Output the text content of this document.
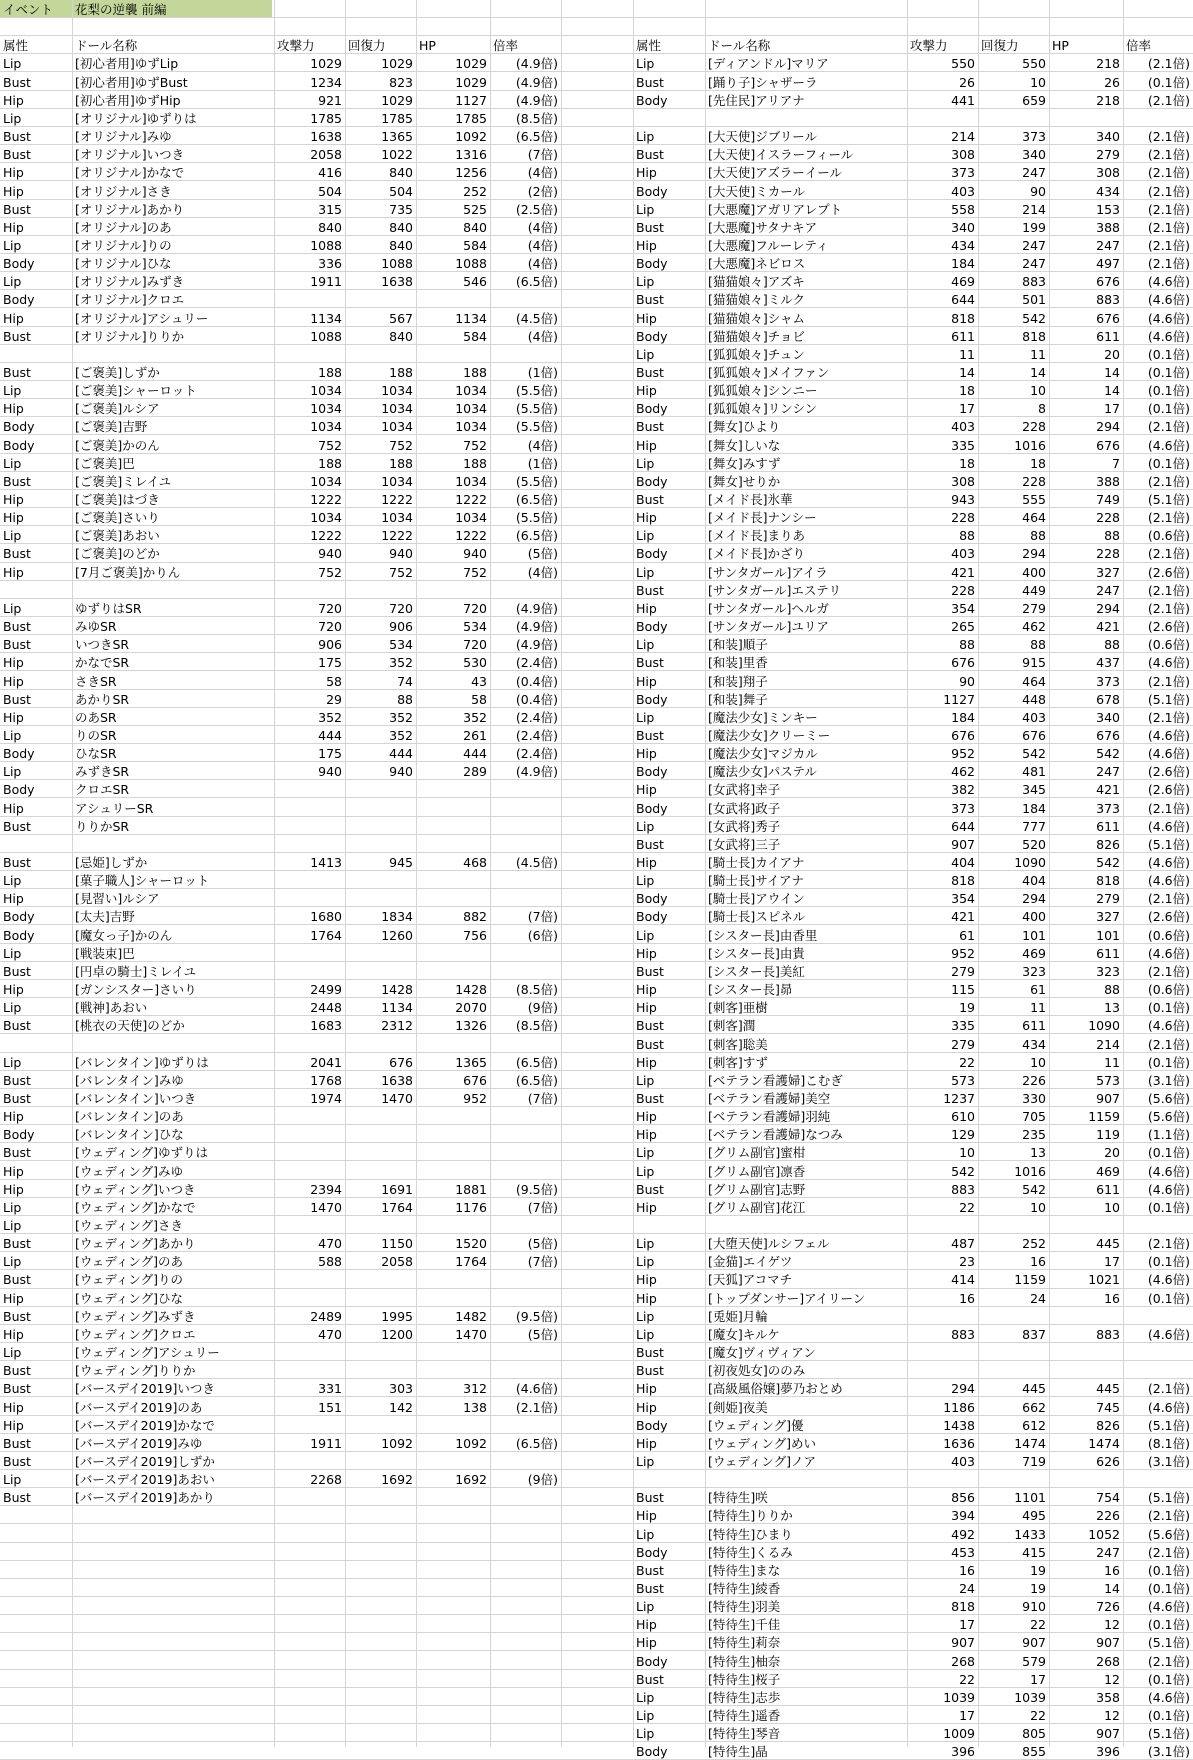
イベント	花梨の逆襲 前編
属性	ドール名称	攻撃力	回復力	HP	倍率
Lip	[初心者用]ゆずLip	1029	1029	1029	(4.9倍)
Bust	[初心者用]ゆずBust	1234	823	1029	(4.9倍)
Hip	[初心者用]ゆずHip	921	1029	1127	(4.9倍)
Lip	[オリジナル]ゆずりは	1785	1785	1785	(8.5倍)
Bust	[オリジナル]みゆ	1638	1365	1092	(6.5倍)
Bust	[オリジナル]いつき	2058	1022	1316	(7倍)
Hip	[オリジナル]かなで	416	840	1256	(4倍)
Hip	[オリジナル]さき	504	504	252	(2倍)
Bust	[オリジナル]あかり	315	735	525	(2.5倍)
Hip	[オリジナル]のあ	840	840	840	(4倍)
Lip	[オリジナル]りの	1088	840	584	(4倍)
Body	[オリジナル]ひな	336	1088	1088	(4倍)
Lip	[オリジナル]みずき	1911	1638	546	(6.5倍)
Body	[オリジナル]クロエ
Hip	[オリジナル]アシュリー	1134	567	1134	(4.5倍)
Bust	[オリジナル]りりか	1088	840	584	(4倍)
Bust	[ご褒美]しずか	188	188	188	(1倍)
Lip	[ご褒美]シャーロット	1034	1034	1034	(5.5倍)
Hip	[ご褒美]ルシア	1034	1034	1034	(5.5倍)
Body	[ご褒美]吉野	1034	1034	1034	(5.5倍)
Body	[ご褒美]かのん	752	752	752	(4倍)
Lip	[ご褒美]巴	188	188	188	(1倍)
Bust	[ご褒美]ミレイユ	1034	1034	1034	(5.5倍)
Hip	[ご褒美]はづき	1222	1222	1222	(6.5倍)
Hip	[ご褒美]さいり	1034	1034	1034	(5.5倍)
Lip	[ご褒美]あおい	1222	1222	1222	(6.5倍)
Bust	[ご褒美]のどか	940	940	940	(5倍)
Hip	[7月ご褒美]かりん	752	752	752	(4倍)
Lip	ゆずりはSR	720	720	720	(4.9倍)
Bust	みゆSR	720	906	534	(4.9倍)
Bust	いつきSR	906	534	720	(4.9倍)
Hip	かなでSR	175	352	530	(2.4倍)
Hip	さきSR	58	74	43	(0.4倍)
Bust	あかりSR	29	88	58	(0.4倍)
Hip	のあSR	352	352	352	(2.4倍)
Lip	りのSR	444	352	261	(2.4倍)
Body	ひなSR	175	444	444	(2.4倍)
Lip	みずきSR	940	940	289	(4.9倍)
Body	クロエSR
Hip	アシュリーSR
Bust	りりかSR
Bust	[忌姫]しずか	1413	945	468	(4.5倍)
Lip	[菓子職人]シャーロット
Hip	[見習い]ルシア
Body	[太夫]吉野	1680	1834	882	(7倍)
Body	[魔女っ子]かのん	1764	1260	756	(6倍)
Lip	[戦装束]巴
Bust	[円卓の騎士]ミレイユ
Hip	[ガンシスター]さいり	2499	1428	1428	(8.5倍)
Lip	[戦神]あおい	2448	1134	2070	(9倍)
Bust	[桃衣の天使]のどか	1683	2312	1326	(8.5倍)
Lip	[バレンタイン]ゆずりは	2041	676	1365	(6.5倍)
Bust	[バレンタイン]みゆ	1768	1638	676	(6.5倍)
Bust	[バレンタイン]いつき	1974	1470	952	(7倍)
Hip	[バレンタイン]のあ
Body	[バレンタイン]ひな
Bust	[ウェディング]ゆずりは
Hip	[ウェディング]みゆ
Hip	[ウェディング]いつき	2394	1691	1881	(9.5倍)
Lip	[ウェディング]かなで	1470	1764	1176	(7倍)
Lip	[ウェディング]さき
Bust	[ウェディング]あかり	470	1150	1520	(5倍)
Lip	[ウェディング]のあ	588	2058	1764	(7倍)
Bust	[ウェディング]りの
Hip	[ウェディング]ひな
Bust	[ウェディング]みずき	2489	1995	1482	(9.5倍)
Hip	[ウェディング]クロエ	470	1200	1470	(5倍)
Lip	[ウェディング]アシュリー
Bust	[ウェディング]りりか
Bust	[バースデイ2019]いつき	331	303	312	(4.6倍)
Hip	[バースデイ2019]のあ	151	142	138	(2.1倍)
Hip	[バースデイ2019]かなで
Bust	[バースデイ2019]みゆ	1911	1092	1092	(6.5倍)
Bust	[バースデイ2019]しずか
Lip	[バースデイ2019]あおい	2268	1692	1692	(9倍)
Bust	[バースデイ2019]あかり
属性	ドール名称	攻撃力	回復力	HP	倍率
Lip	[ディアンドル]マリア	550	550	218	(2.1倍)
Bust	[踊り子]シャザーラ	26	10	26	(0.1倍)
Body	[先住民]アリアナ	441	659	218	(2.1倍)
Lip	[大天使]ジブリール	214	373	340	(2.1倍)
Bust	[大天使]イスラーフィール	308	340	279	(2.1倍)
Hip	[大天使]アズラーイール	373	247	308	(2.1倍)
Body	[大天使]ミカール	403	90	434	(2.1倍)
Lip	[大悪魔]アガリアレプト	558	214	153	(2.1倍)
Bust	[大悪魔]サタナキア	340	199	388	(2.1倍)
Hip	[大悪魔]フルーレティ	434	247	247	(2.1倍)
Body	[大悪魔]ネビロス	184	247	497	(2.1倍)
Lip	[猫猫娘々]アズキ	469	883	676	(4.6倍)
Bust	[猫猫娘々]ミルク	644	501	883	(4.6倍)
Hip	[猫猫娘々]シャム	818	542	676	(4.6倍)
Body	[猫猫娘々]チョビ	611	818	611	(4.6倍)
Lip	[狐狐娘々]チュン	11	11	20	(0.1倍)
Bust	[狐狐娘々]メイファン	14	14	14	(0.1倍)
Hip	[狐狐娘々]シンニー	18	10	14	(0.1倍)
Body	[狐狐娘々]リンシン	17	8	17	(0.1倍)
Bust	[舞女]ひより	403	228	294	(2.1倍)
Hip	[舞女]しいな	335	1016	676	(4.6倍)
Lip	[舞女]みすず	18	18	7	(0.1倍)
Body	[舞女]せりか	308	228	388	(2.1倍)
Bust	[メイド長]氷華	943	555	749	(5.1倍)
Hip	[メイド長]ナンシー	228	464	228	(2.1倍)
Lip	[メイド長]まりあ	88	88	88	(0.6倍)
Body	[メイド長]かざり	403	294	228	(2.1倍)
Lip	[サンタガール]アイラ	421	400	327	(2.6倍)
Bust	[サンタガール]エステリ	228	449	247	(2.1倍)
Hip	[サンタガール]ヘルガ	354	279	294	(2.1倍)
Body	[サンタガール]ユリア	265	462	421	(2.6倍)
Lip	[和装]順子	88	88	88	(0.6倍)
Bust	[和装]里香	676	915	437	(4.6倍)
Hip	[和装]翔子	90	464	373	(2.1倍)
Body	[和装]舞子	1127	448	678	(5.1倍)
Lip	[魔法少女]ミンキー	184	403	340	(2.1倍)
Bust	[魔法少女]クリーミー	676	676	676	(4.6倍)
Hip	[魔法少女]マジカル	952	542	542	(4.6倍)
Body	[魔法少女]パステル	462	481	247	(2.6倍)
Hip	[女武将]幸子	382	345	421	(2.6倍)
Body	[女武将]政子	373	184	373	(2.1倍)
Lip	[女武将]秀子	644	777	611	(4.6倍)
Bust	[女武将]三子	907	520	826	(5.1倍)
Hip	[騎士長]カイアナ	404	1090	542	(4.6倍)
Lip	[騎士長]サイアナ	818	404	818	(4.6倍)
Body	[騎士長]アウイン	354	294	279	(2.1倍)
Body	[騎士長]スピネル	421	400	327	(2.6倍)
Lip	[シスター長]由香里	61	101	101	(0.6倍)
Hip	[シスター長]由貴	952	469	611	(4.6倍)
Bust	[シスター長]美紅	279	323	323	(2.1倍)
Hip	[シスター長]昴	115	61	88	(0.6倍)
Hip	[刺客]亜樹	19	11	13	(0.1倍)
Bust	[刺客]潤	335	611	1090	(4.6倍)
Bust	[刺客]聡美	279	434	214	(2.1倍)
Hip	[刺客]すず	22	10	11	(0.1倍)
Lip	[ベテラン看護婦]こむぎ	573	226	573	(3.1倍)
Bust	[ベテラン看護婦]美空	1237	330	907	(5.6倍)
Hip	[ベテラン看護婦]羽純	610	705	1159	(5.6倍)
Hip	[ベテラン看護婦]なつみ	129	235	119	(1.1倍)
Lip	[グリム副官]蜜柑	10	13	20	(0.1倍)
Lip	[グリム副官]凛香	542	1016	469	(4.6倍)
Bust	[グリム副官]志野	883	542	611	(4.6倍)
Hip	[グリム副官]花江	22	10	10	(0.1倍)
Lip	[大堕天使]ルシフェル	487	252	445	(2.1倍)
Lip	[金猫]エイゲツ	23	16	17	(0.1倍)
Hip	[天狐]アコマチ	414	1159	1021	(4.6倍)
Hip	[トップダンサー]アイリーン	16	24	16	(0.1倍)
Lip	[兎姫]月輪
Lip	[魔女]キルケ	883	837	883	(4.6倍)
Bust	[魔女]ヴィヴィアン
Bust	[初夜処女]ののみ
Hip	[高級風俗嬢]夢乃おとめ	294	445	445	(2.1倍)
Hip	[剣姫]夜美	1186	662	745	(4.6倍)
Body	[ウェディング]優	1438	612	826	(5.1倍)
Hip	[ウェディング]めい	1636	1474	1474	(8.1倍)
Lip	[ウェディング]ノア	403	719	626	(3.1倍)
Bust	[特待生]咲	856	1101	754	(5.1倍)
Hip	[特待生]りりか	394	495	226	(2.1倍)
Lip	[特待生]ひまり	492	1433	1052	(5.6倍)
Body	[特待生]くるみ	453	415	247	(2.1倍)
Bust	[特待生]まな	16	19	16	(0.1倍)
Bust	[特待生]綾香	24	19	14	(0.1倍)
Lip	[特待生]羽美	818	910	726	(4.6倍)
Hip	[特待生]千佳	17	22	12	(0.1倍)
Hip	[特待生]莉奈	907	907	907	(5.1倍)
Body	[特待生]柚奈	268	579	268	(2.1倍)
Bust	[特待生]桜子	22	17	12	(0.1倍)
Lip	[特待生]志歩	1039	1039	358	(4.6倍)
Lip	[特待生]遥香	17	22	12	(0.1倍)
Lip	[特待生]琴音	1009	805	907	(5.1倍)
Body	[特待生]晶	396	855	396	(3.1倍)
